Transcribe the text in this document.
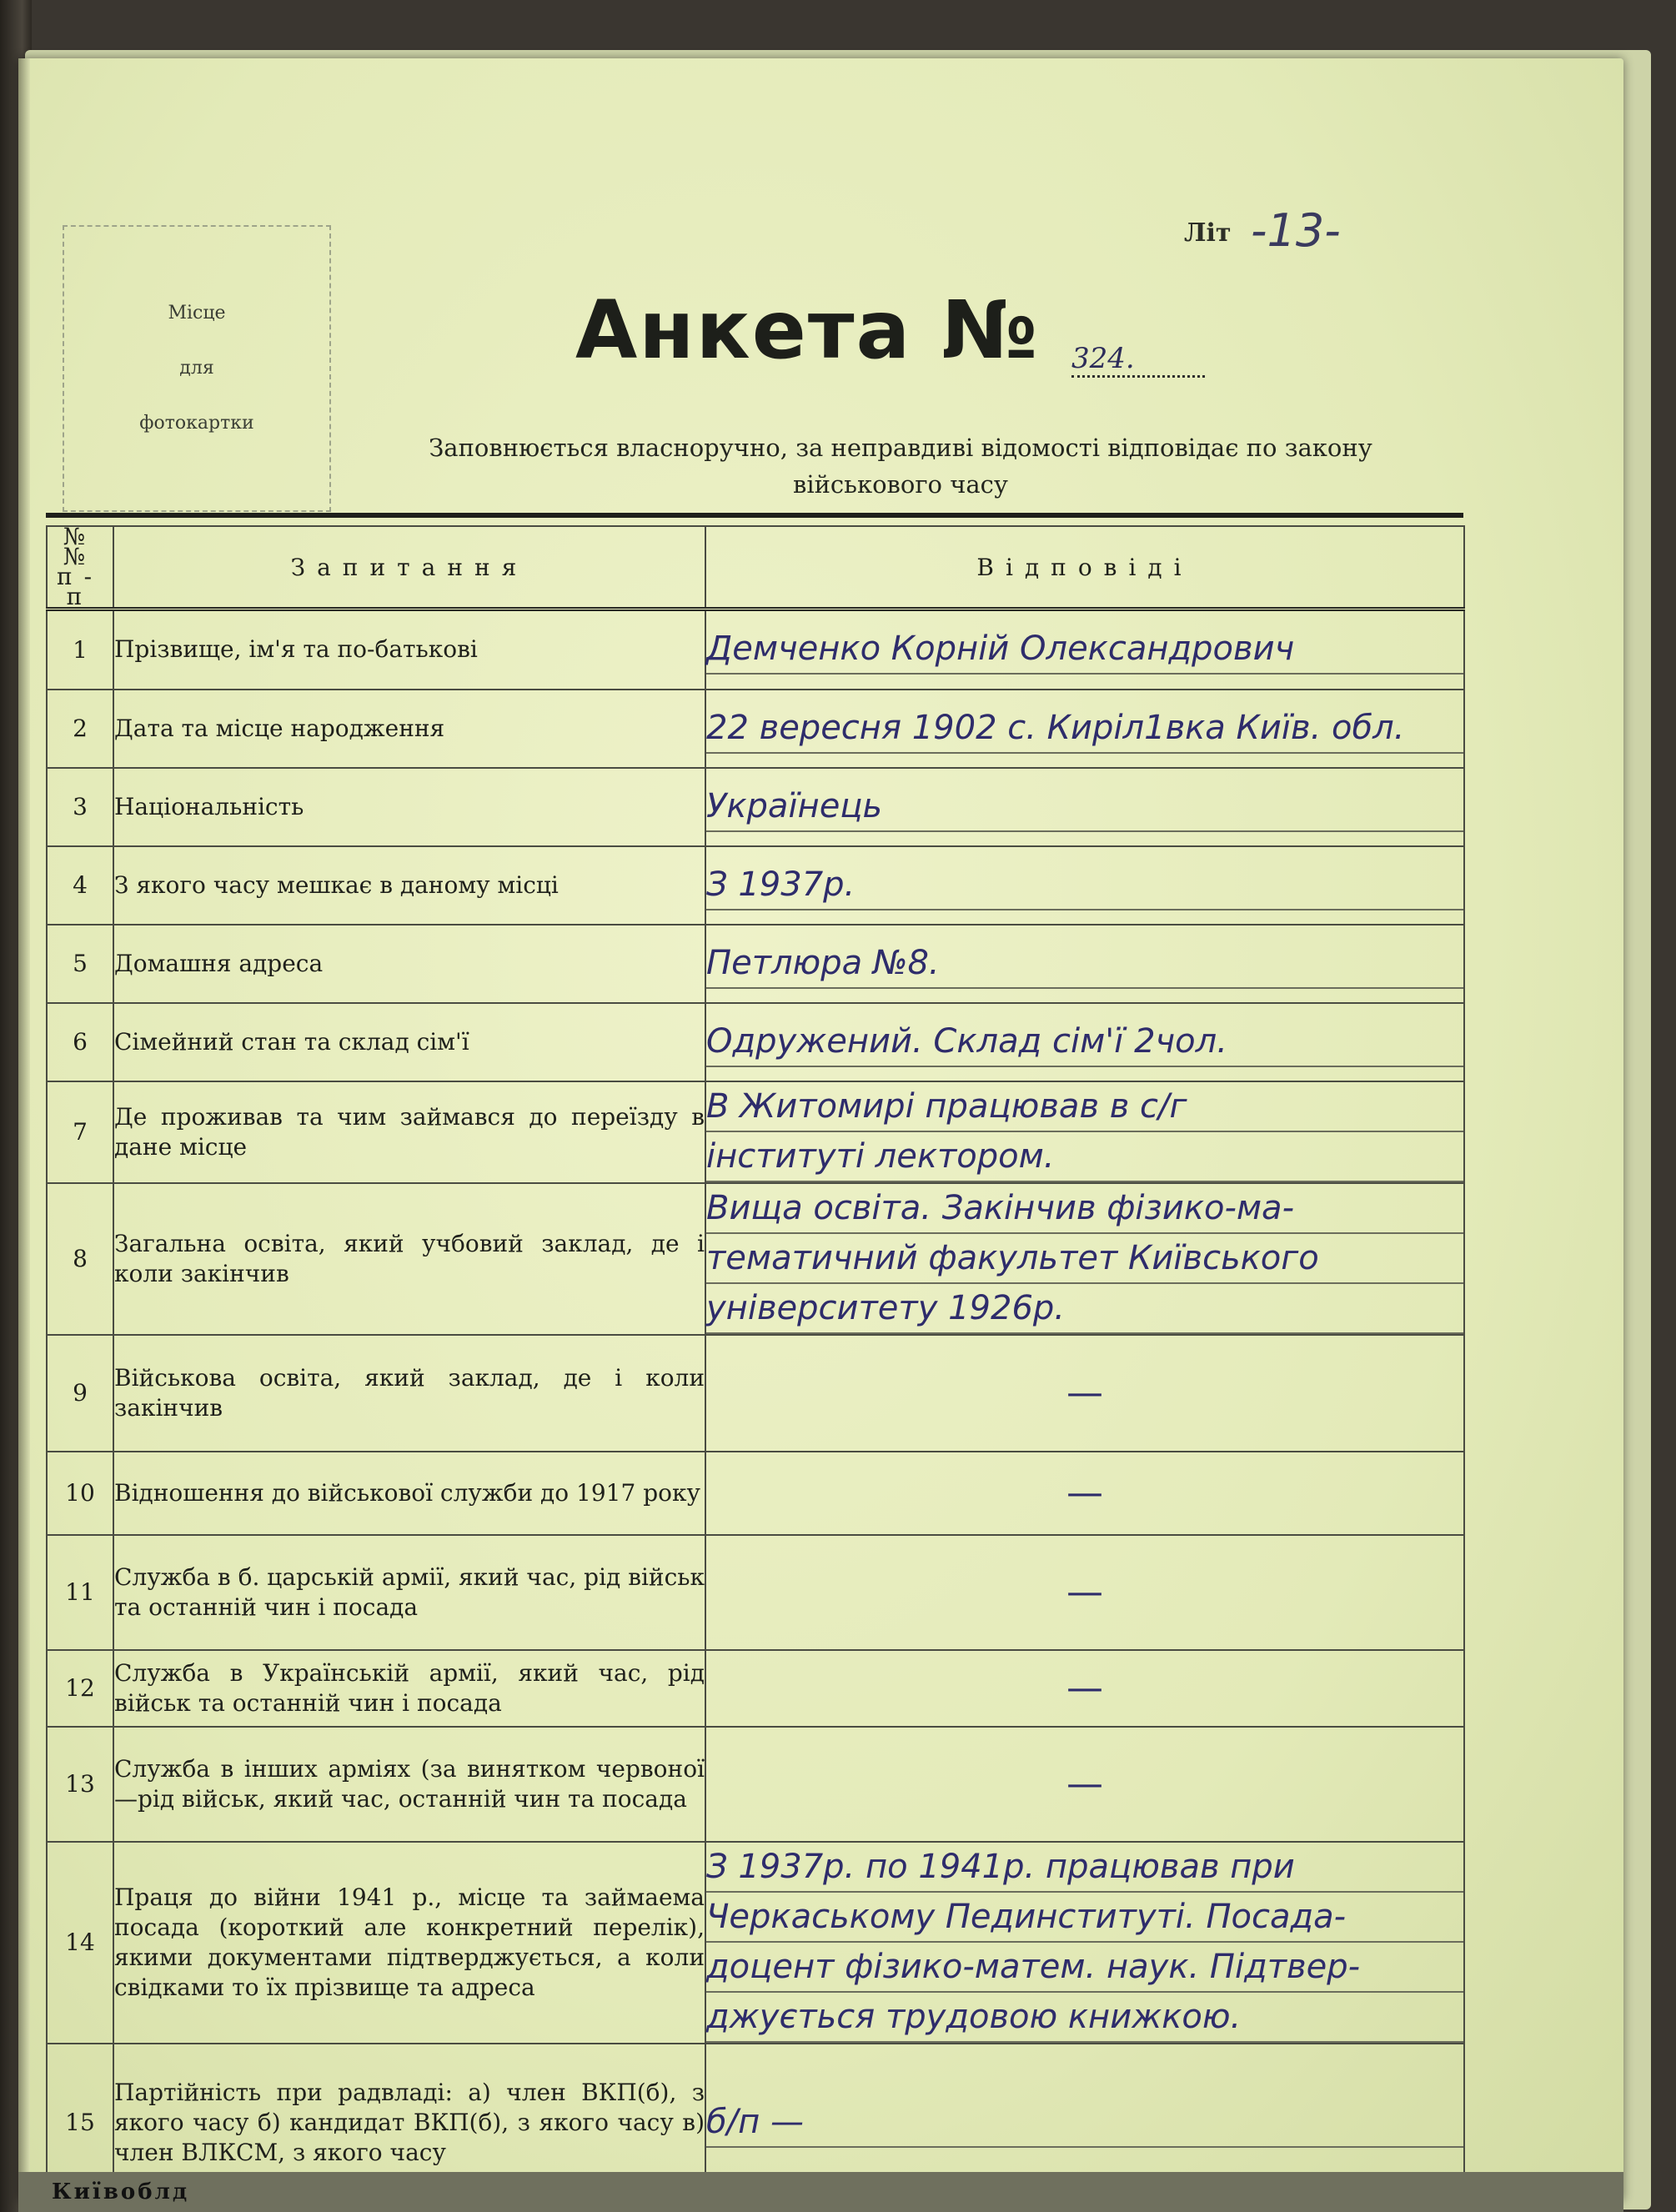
Місце
для
фотокартки
Літ -13-
Анкета № 324.
Заповнюється власноручно, за неправдиві відомості відповідає по закону
військового часу
№№
п-п	Запитання	Відповіді
1	Прізвище, ім'я та по-батькові	Демченко Корній Олександрович

2	Дата та місце народження	22 вересня 1902 с. Киріл1вка Київ. обл.

3	Національність	Українець

4	З якого часу мешкає в даному місці	З 1937р.

5	Домашня адреса	Петлюра №8.

6	Сімейний стан та склад сім'ї	Одружений. Склад сім'ї 2чол.

7	Де проживав та чим займався до переїзду в дане місце	В Житомирі працював в с/г
інституті лектором.

8	Загальна освіта, який учбовий заклад, де і коли закінчив	Вища освіта. Закінчив фізико-ма-
тематичний факультет Київського
університету 1926р.

9	Військова освіта, який заклад, де і коли закінчив	—
10	Відношення до військової служби до 1917 року	—
11	Служба в б. царській армії, який час, рід військ та останній чин і посада	—
12	Служба в Українській армії, який час, рід військ та останній чин і посада	—
13	Служба в інших арміях (за винятком червоної—рід військ, який час, останній чин та посада	—
14	Праця до війни 1941 р., місце та займаема посада (короткий але конкретний перелік), якими документами підтверджується, а коли свідками то їх прізвище та адреса	З 1937р. по 1941р. працював при
Черкаському Пединституті. Посада-
доцент фізико-матем. наук. Підтвер-
джується трудовою книжкою.

15	Партійність при радвладі: а) член ВКП(б), з якого часу б) кандидат ВКП(б), з якого часу в) член ВЛКСМ, з якого часу	б/п —
Київоблд
